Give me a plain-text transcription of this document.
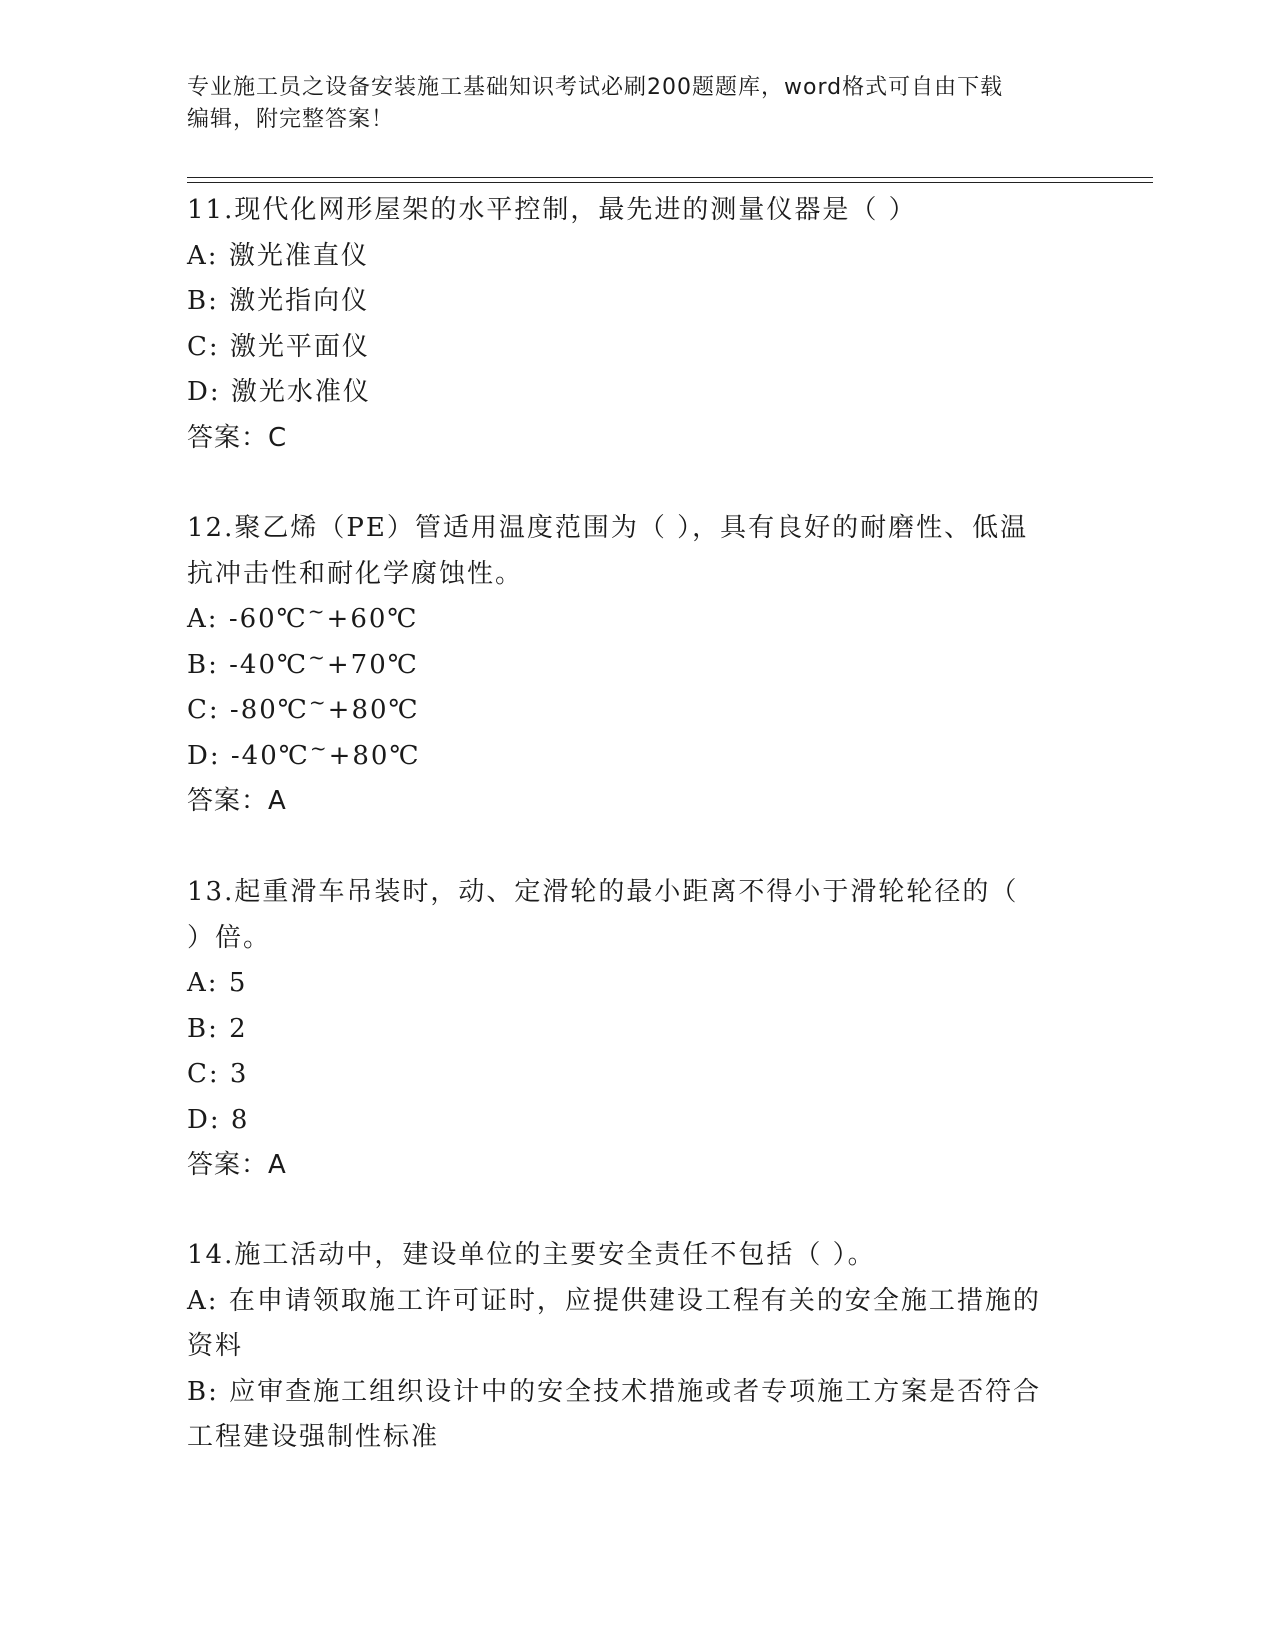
专业施工员之设备安装施工基础知识考试必刷200题题库，word格式可自由下载
编辑，附完整答案！
11.现代化网形屋架的水平控制，最先进的测量仪器是（ ）
A: 激光准直仪
B: 激光指向仪
C: 激光平面仪
D: 激光水准仪
答案：C
12.聚乙烯（PE）管适用温度范围为（ ），具有良好的耐磨性、低温
抗冲击性和耐化学腐蚀性。
A: -60℃~+60℃
B: -40℃~+70℃
C: -80℃~+80℃
D: -40℃~+80℃
答案：A
13.起重滑车吊装时，动、定滑轮的最小距离不得小于滑轮轮径的（
）倍。
A: 5
B: 2
C: 3
D: 8
答案：A
14.施工活动中，建设单位的主要安全责任不包括（ ）。
A: 在申请领取施工许可证时，应提供建设工程有关的安全施工措施的
资料
B: 应审查施工组织设计中的安全技术措施或者专项施工方案是否符合
工程建设强制性标准
